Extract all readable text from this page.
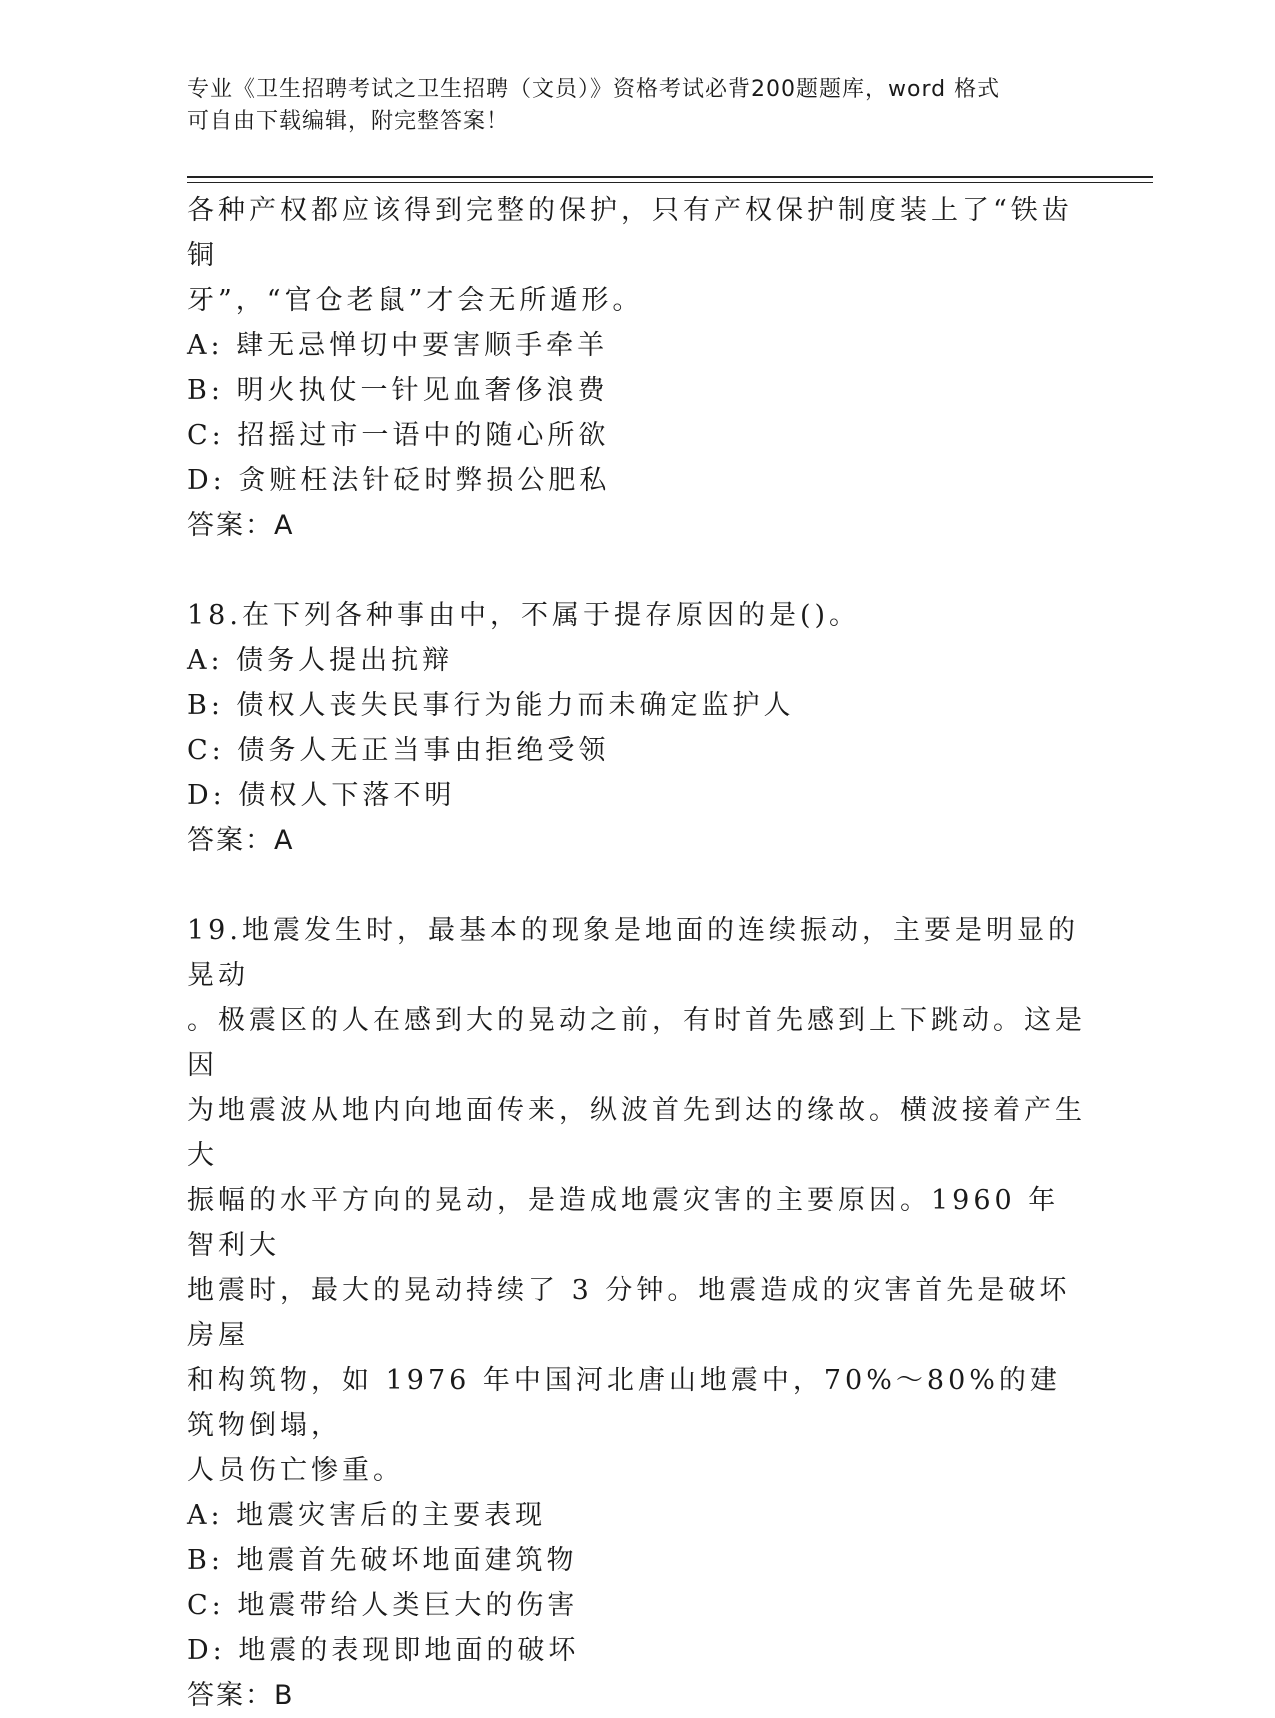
专业《卫生招聘考试之卫生招聘（文员）》资格考试必背200题题库，word 格式
可自由下载编辑，附完整答案！

各种产权都应该得到完整的保护，只有产权保护制度装上了“铁齿铜

牙”，“官仓老鼠”才会无所遁形。

A: 肆无忌惮切中要害顺手牵羊

B: 明火执仗一针见血奢侈浪费

C: 招摇过市一语中的随心所欲

D: 贪赃枉法针砭时弊损公肥私

答案：A

18.在下列各种事由中，不属于提存原因的是()。

A: 债务人提出抗辩

B: 债权人丧失民事行为能力而未确定监护人

C: 债务人无正当事由拒绝受领

D: 债权人下落不明

答案：A

19.地震发生时，最基本的现象是地面的连续振动，主要是明显的晃动

。极震区的人在感到大的晃动之前，有时首先感到上下跳动。这是因

为地震波从地内向地面传来，纵波首先到达的缘故。横波接着产生大

振幅的水平方向的晃动，是造成地震灾害的主要原因。1960 年智利大

地震时，最大的晃动持续了 3 分钟。地震造成的灾害首先是破坏房屋

和构筑物，如 1976 年中国河北唐山地震中，70%～80%的建筑物倒塌，

人员伤亡惨重。

A: 地震灾害后的主要表现

B: 地震首先破坏地面建筑物

C: 地震带给人类巨大的伤害

D: 地震的表现即地面的破坏

答案：B
